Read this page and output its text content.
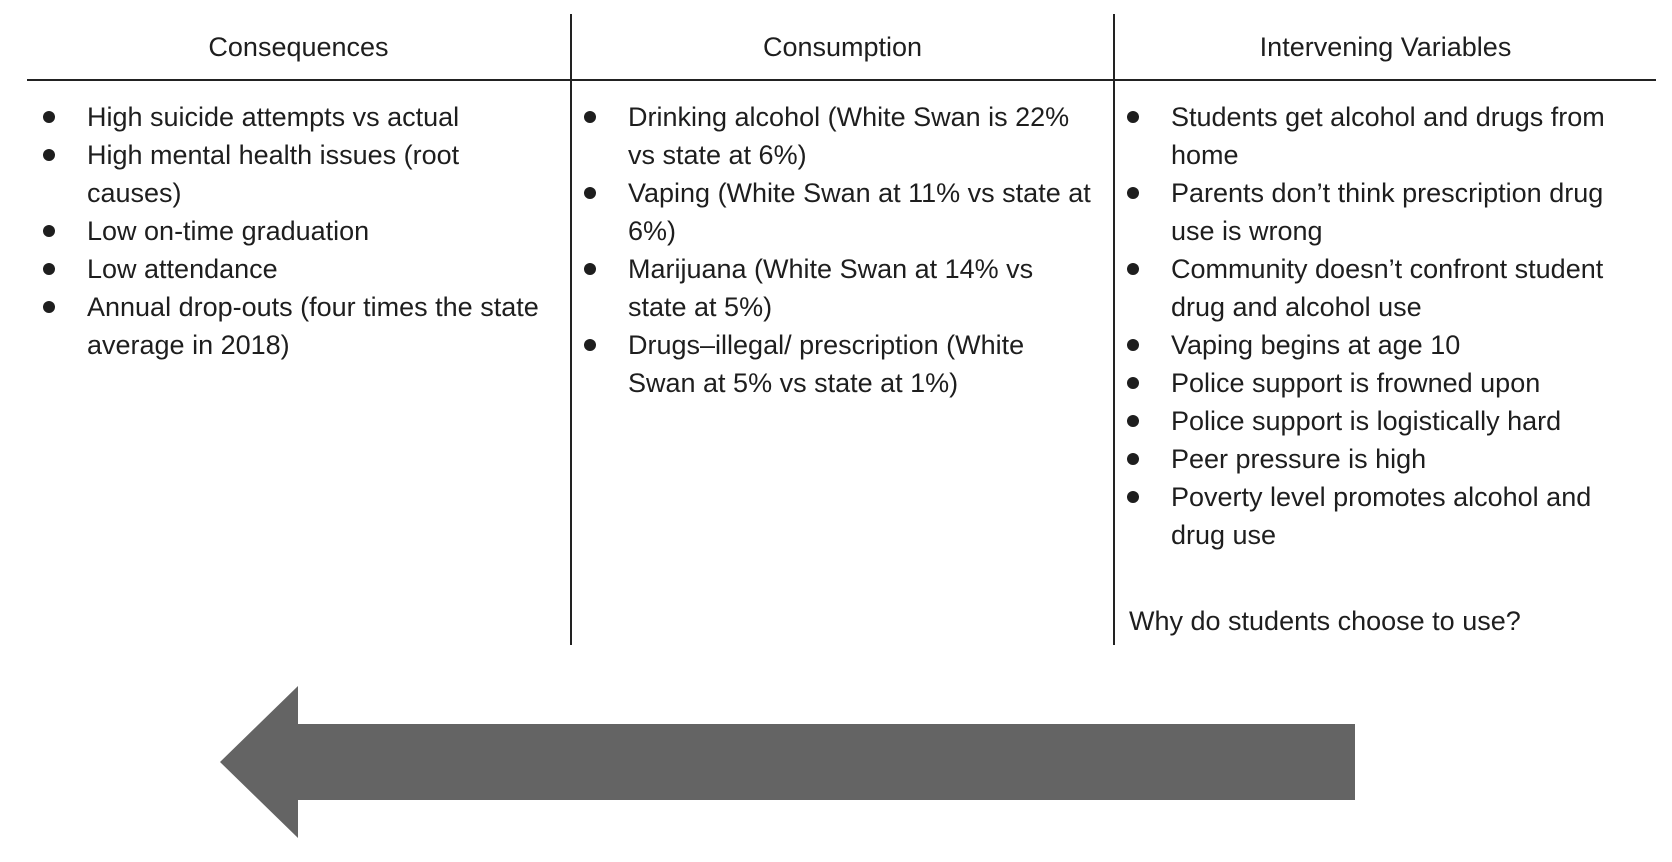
Consequences
High suicide attempts vs actual
High mental health issues (root causes)
Low on-time graduation
Low attendance
Annual drop-outs (four times the state average in 2018)
Consumption
Drinking alcohol (White Swan is 22% vs state at 6%)
Vaping (White Swan at 11% vs state at 6%)
Marijuana (White Swan at 14% vs state at 5%)
Drugs–illegal/ prescription (White Swan at 5% vs state at 1%)
Intervening Variables
Students get alcohol and drugs from home
Parents don’t think prescription drug use is wrong
Community doesn’t confront student drug and alcohol use
Vaping begins at age 10
Police support is frowned upon
Police support is logistically hard
Peer pressure is high
Poverty level promotes alcohol and drug use
Why do students choose to use?
